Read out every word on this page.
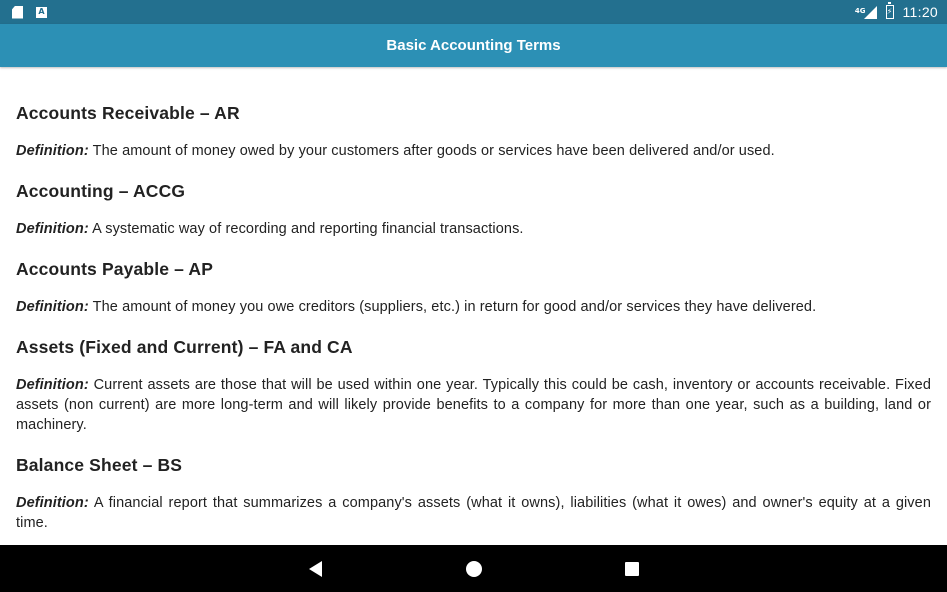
A	4G	⚡ 11:20
Basic Accounting Terms
Accounts Receivable – AR
Definition: The amount of money owed by your customers after goods or services have been delivered and/or used.
Accounting – ACCG
Definition: A systematic way of recording and reporting financial transactions.
Accounts Payable – AP
Definition: The amount of money you owe creditors (suppliers, etc.) in return for good and/or services they have delivered.
Assets (Fixed and Current) – FA and CA
Definition: Current assets are those that will be used within one year. Typically this could be cash, inventory or accounts receivable. Fixed assets (non current) are more long-term and will likely provide benefits to a company for more than one year, such as a building, land or machinery.
Balance Sheet – BS
Definition: A financial report that summarizes a company's assets (what it owns), liabilities (what it owes) and owner's equity at a given time.
